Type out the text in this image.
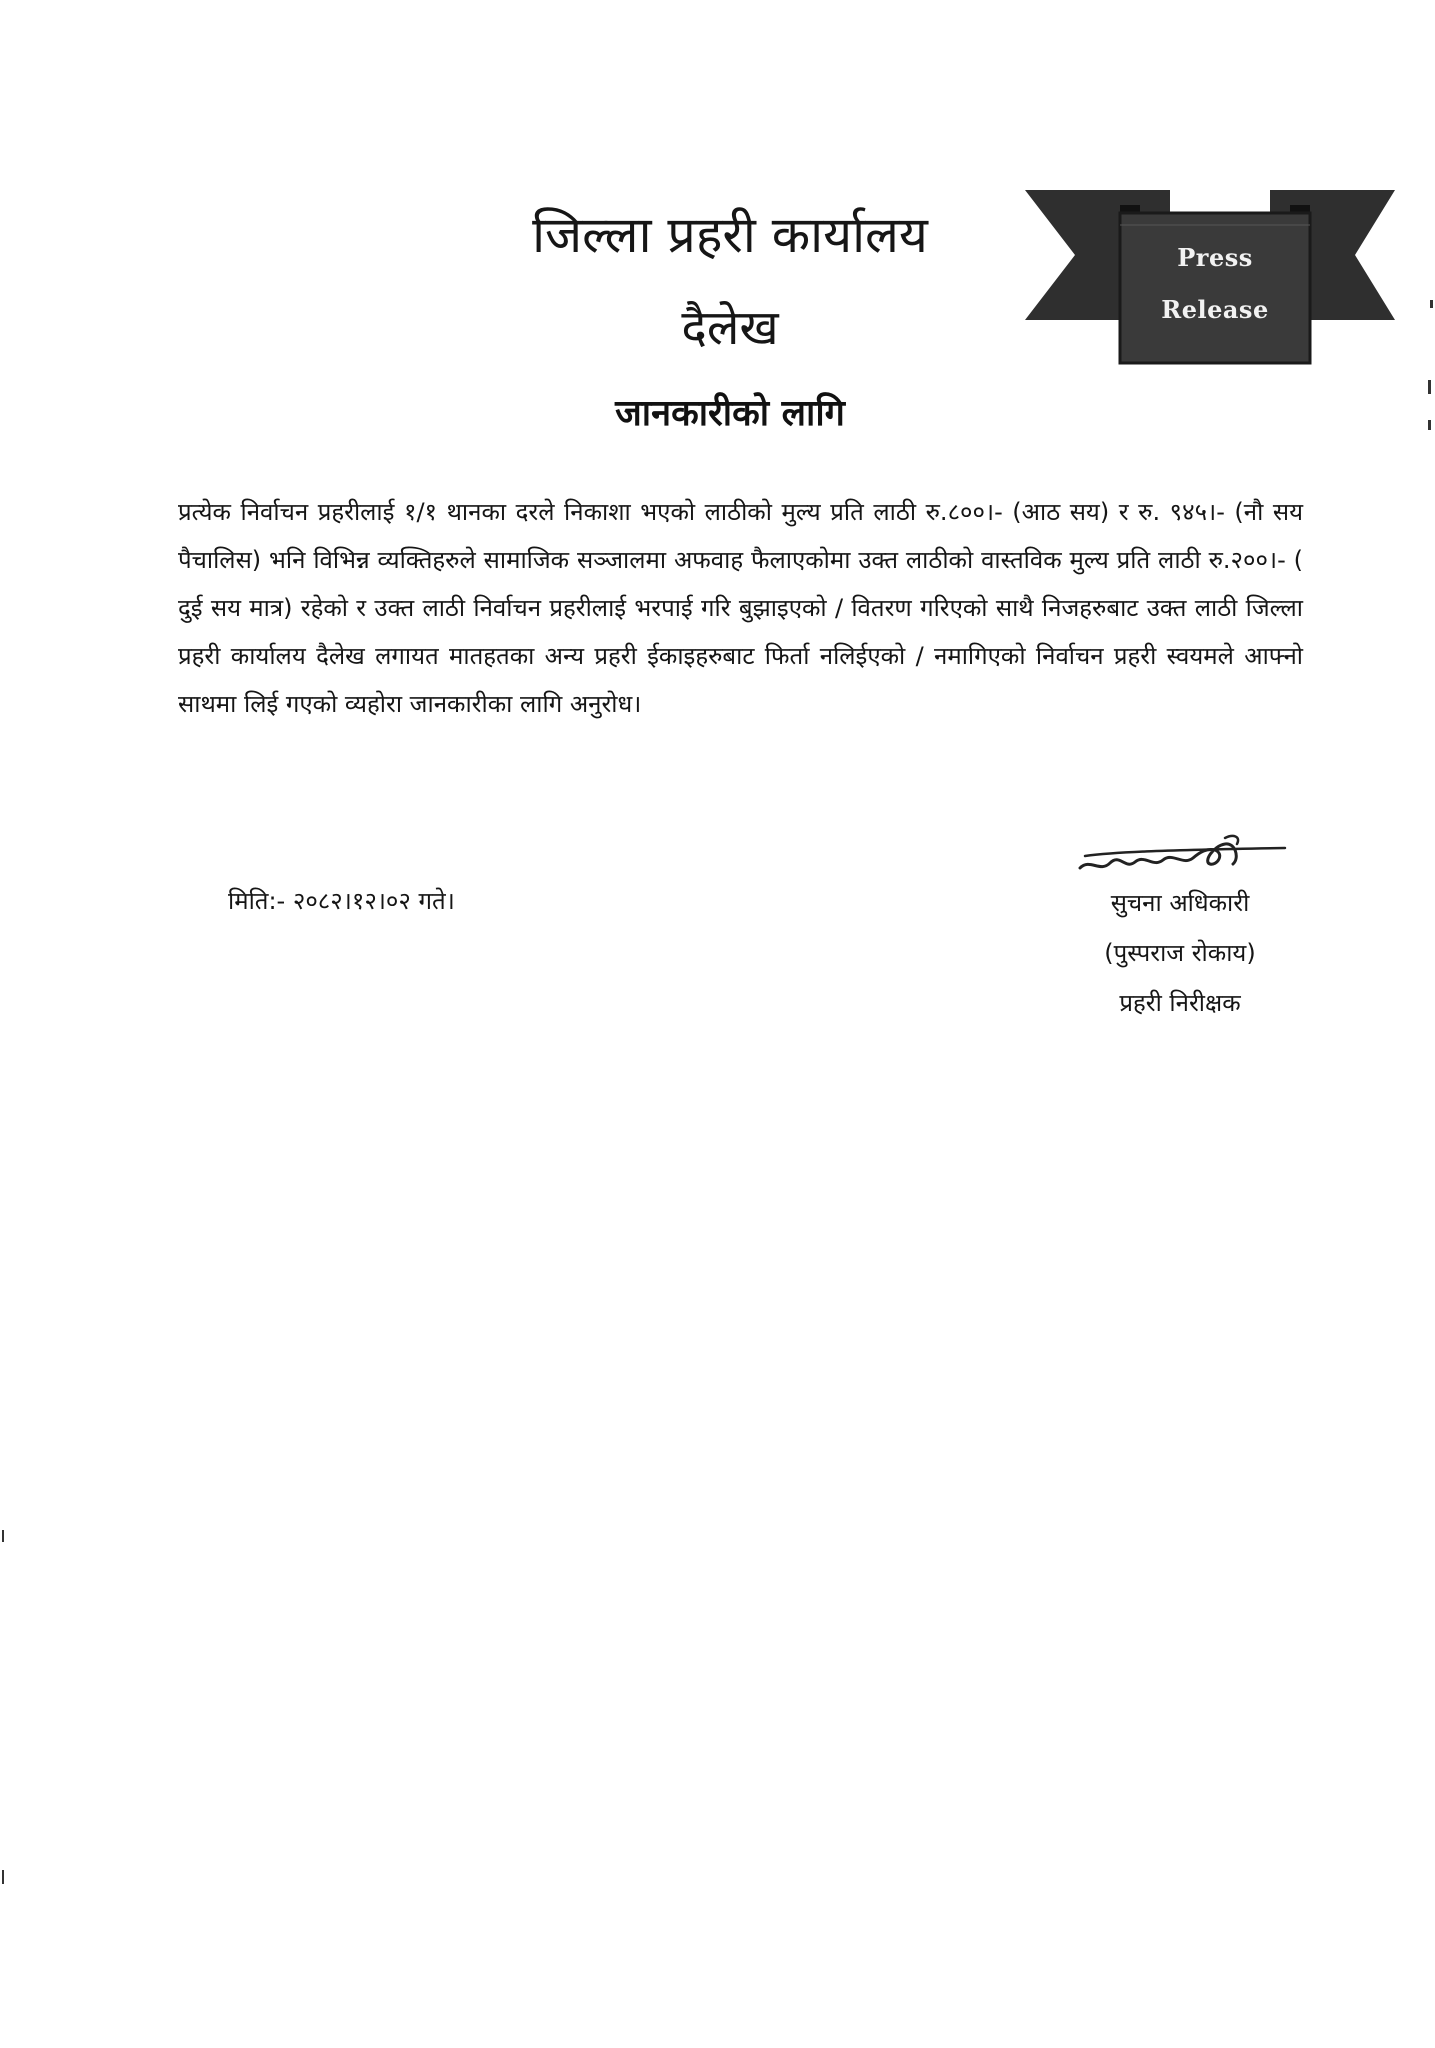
जिल्ला प्रहरी कार्यालय
दैलेख
जानकारीको लागि
Press
Release
प्रत्येक निर्वाचन प्रहरीलाई १/१ थानका दरले निकाशा भएको लाठीको मुल्य प्रति लाठी रु.८००।- (आठ सय) र रु. ९४५।- (नौ सय पैचालिस) भनि विभिन्न व्यक्तिहरुले सामाजिक सञ्जालमा अफवाह फैलाएकोमा उक्त लाठीको वास्तविक मुल्य प्रति लाठी रु.२००।- ( दुई सय मात्र) रहेको र उक्त लाठी निर्वाचन प्रहरीलाई भरपाई गरि बुझाइएको / वितरण गरिएको साथै निजहरुबाट उक्त लाठी जिल्ला प्रहरी कार्यालय दैलेख लगायत मातहतका अन्य प्रहरी ईकाइहरुबाट फिर्ता नलिईएको / नमागिएको निर्वाचन प्रहरी स्वयमले आफ्नो साथमा लिई गएको व्यहोरा जानकारीका लागि अनुरोध।
मिति:- २०८२।१२।०२ गते।	सुचना अधिकारी
(पुस्पराज रोकाय)
प्रहरी निरीक्षक
